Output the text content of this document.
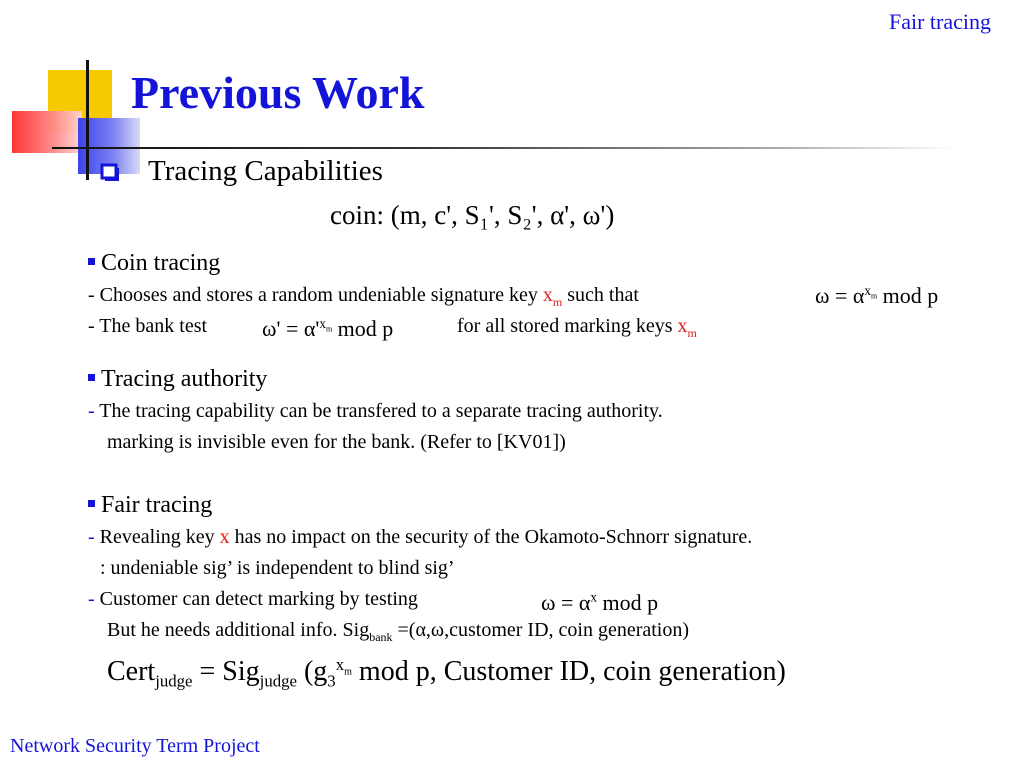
Fair tracing
Previous Work
Tracing Capabilities
coin: (m, c', S₁', S₂', α', ω')
Coin tracing
- Chooses and stores a random undeniable signature key $x_m$ such that	$\omega = \alpha^{x_m}$ mod p
- The bank test $\omega' = \alpha'^{x_m}$ mod p	for all stored marking keys $x_m$
Tracing authority
- The tracing capability can be transfered to a separate tracing authority.
marking is invisible even for the bank. (Refer to [KV01])
Fair tracing
- Revealing key x has no impact on the security of the Okamoto-Schnorr signature.
: undeniable sig’ is independent to blind sig’
- Customer can detect marking by testing	$\omega = \alpha^x$ mod p
But he needs additional info. Sig$_{bank}$ =(α,ω,customer ID, coin generation)
Cert$_{judge}$ = Sig$_{judge}$ ($g_3^{x_m}$ mod p, Customer ID, coin generation)
Network Security Term Project
